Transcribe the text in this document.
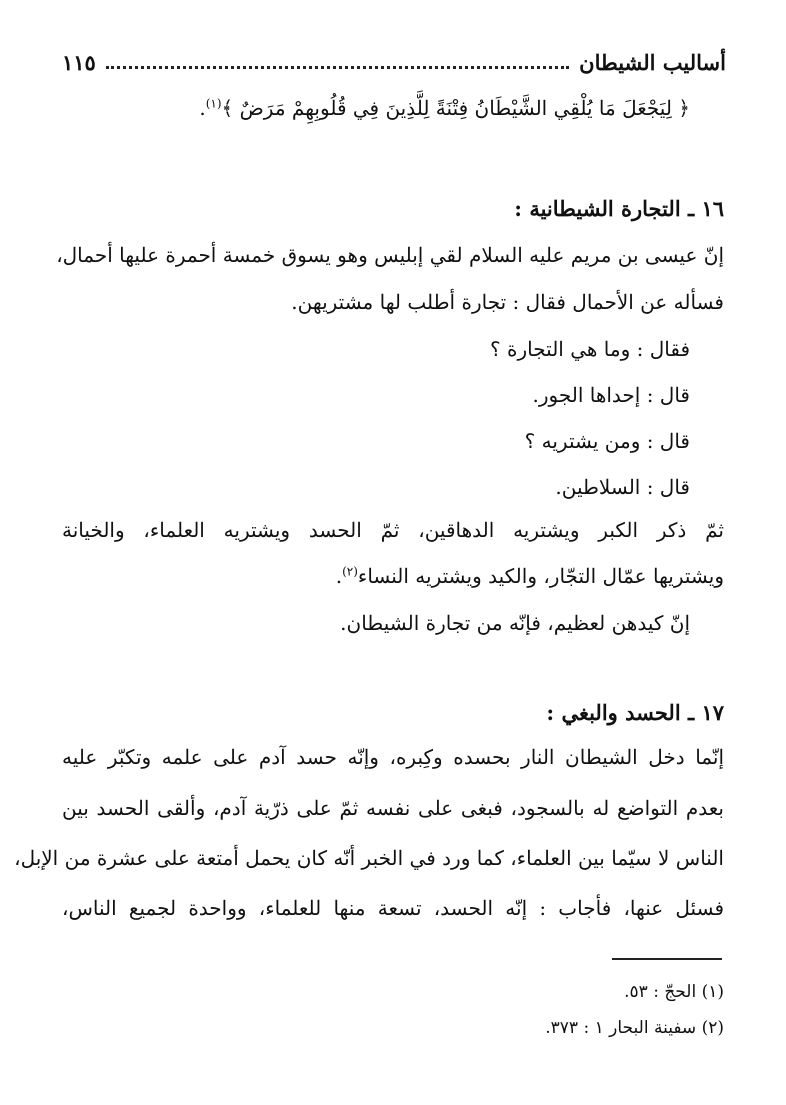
أساليب الشيطان
١١٥
﴿ لِيَجْعَلَ مَا يُلْقِي الشَّيْطَانُ فِتْنَةً لِلَّذِينَ فِي قُلُوبِهِمْ مَرَضٌ ﴾$^{(١)}$.
١٦ ـ التجارة الشيطانية :
إنّ عيسى بن مريم عليه السلام لقي إبليس وهو يسوق خمسة أحمرة عليها أحمال،
فسأله عن الأحمال فقال : تجارة أطلب لها مشتريهن.
فقال : وما هي التجارة ؟
قال : إحداها الجور.
قال : ومن يشتريه ؟
قال : السلاطين.
ثمّ ذكر الكبر ويشتريه الدهاقين، ثمّ الحسد ويشتريه العلماء، والخيانة
ويشتريها عمّال التجّار، والكيد ويشتريه النساء$^{(٢)}$.
إنّ كيدهن لعظيم، فإنّه من تجارة الشيطان.
١٧ ـ الحسد والبغي :
إنّما دخل الشيطان النار بحسده وكِبره، وإنّه حسد آدم على علمه وتكبّر عليه
بعدم التواضع له بالسجود، فبغى على نفسه ثمّ على ذرّية آدم، وألقى الحسد بين
الناس لا سيّما بين العلماء، كما ورد في الخبر أنّه كان يحمل أمتعة على عشرة من الإبل،
فسئل عنها، فأجاب : إنّه الحسد، تسعة منها للعلماء، وواحدة لجميع الناس،
(١) الحجّ : ٥٣.
(٢) سفينة البحار ١ : ٣٧٣.
